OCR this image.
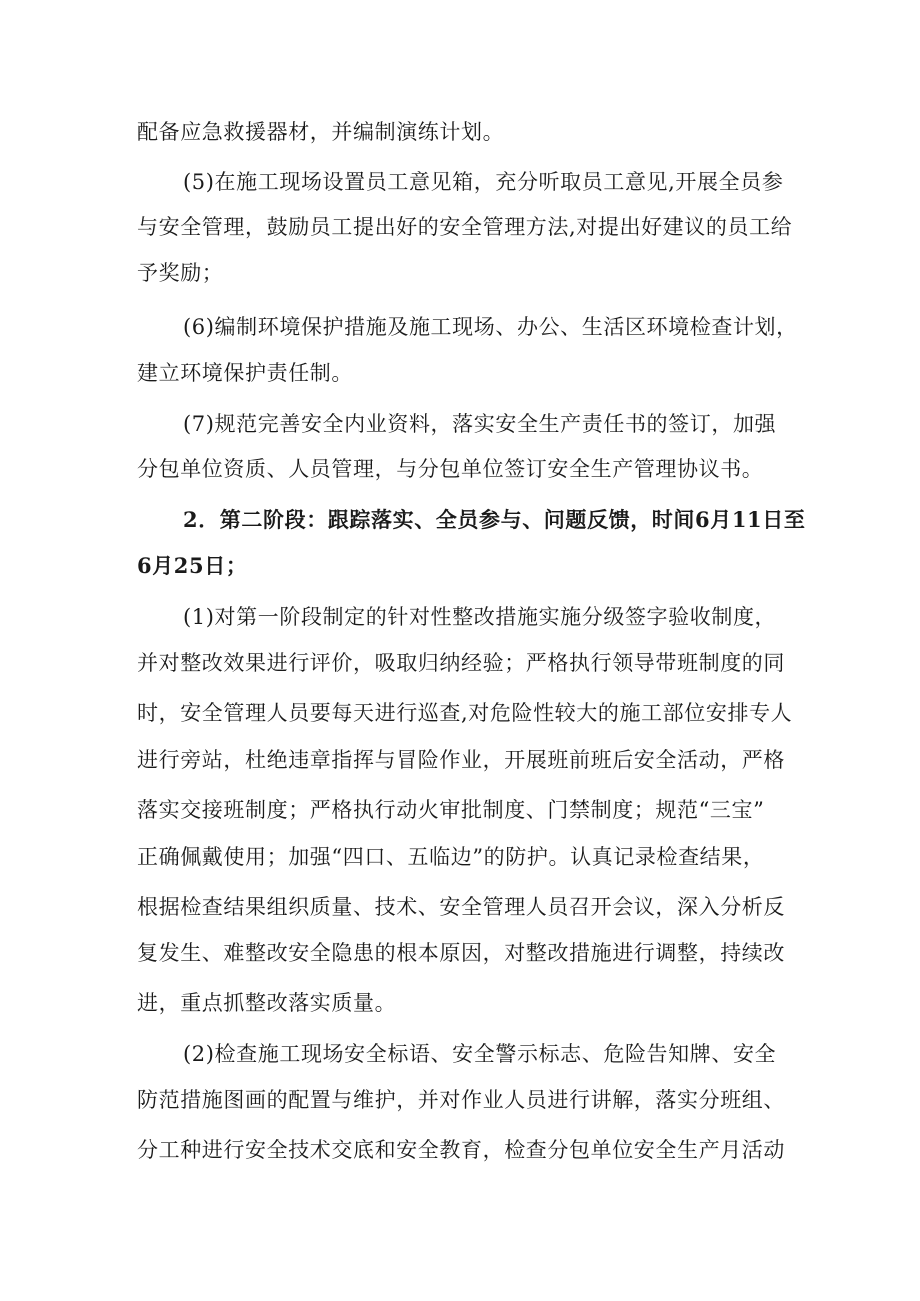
配备应急救援器材，并编制演练计划。
(5)在施工现场设置员工意见箱，充分听取员工意见,开展全员参
与安全管理，鼓励员工提出好的安全管理方法,对提出好建议的员工给
予奖励；
(6)编制环境保护措施及施工现场、办公、生活区环境检查计划，
建立环境保护责任制。
(7)规范完善安全内业资料，落实安全生产责任书的签订，加强
分包单位资质、人员管理，与分包单位签订安全生产管理协议书。
2．第二阶段：跟踪落实、全员参与、问题反馈，时间6月11日至
6月25日；
(1)对第一阶段制定的针对性整改措施实施分级签字验收制度，
并对整改效果进行评价，吸取归纳经验；严格执行领导带班制度的同
时，安全管理人员要每天进行巡查,对危险性较大的施工部位安排专人
进行旁站，杜绝违章指挥与冒险作业，开展班前班后安全活动，严格
落实交接班制度；严格执行动火审批制度、门禁制度；规范“三宝”
正确佩戴使用；加强“四口、五临边”的防护。认真记录检查结果，
根据检查结果组织质量、技术、安全管理人员召开会议，深入分析反
复发生、难整改安全隐患的根本原因，对整改措施进行调整，持续改
进，重点抓整改落实质量。
(2)检查施工现场安全标语、安全警示标志、危险告知牌、安全
防范措施图画的配置与维护，并对作业人员进行讲解，落实分班组、
分工种进行安全技术交底和安全教育，检查分包单位安全生产月活动
